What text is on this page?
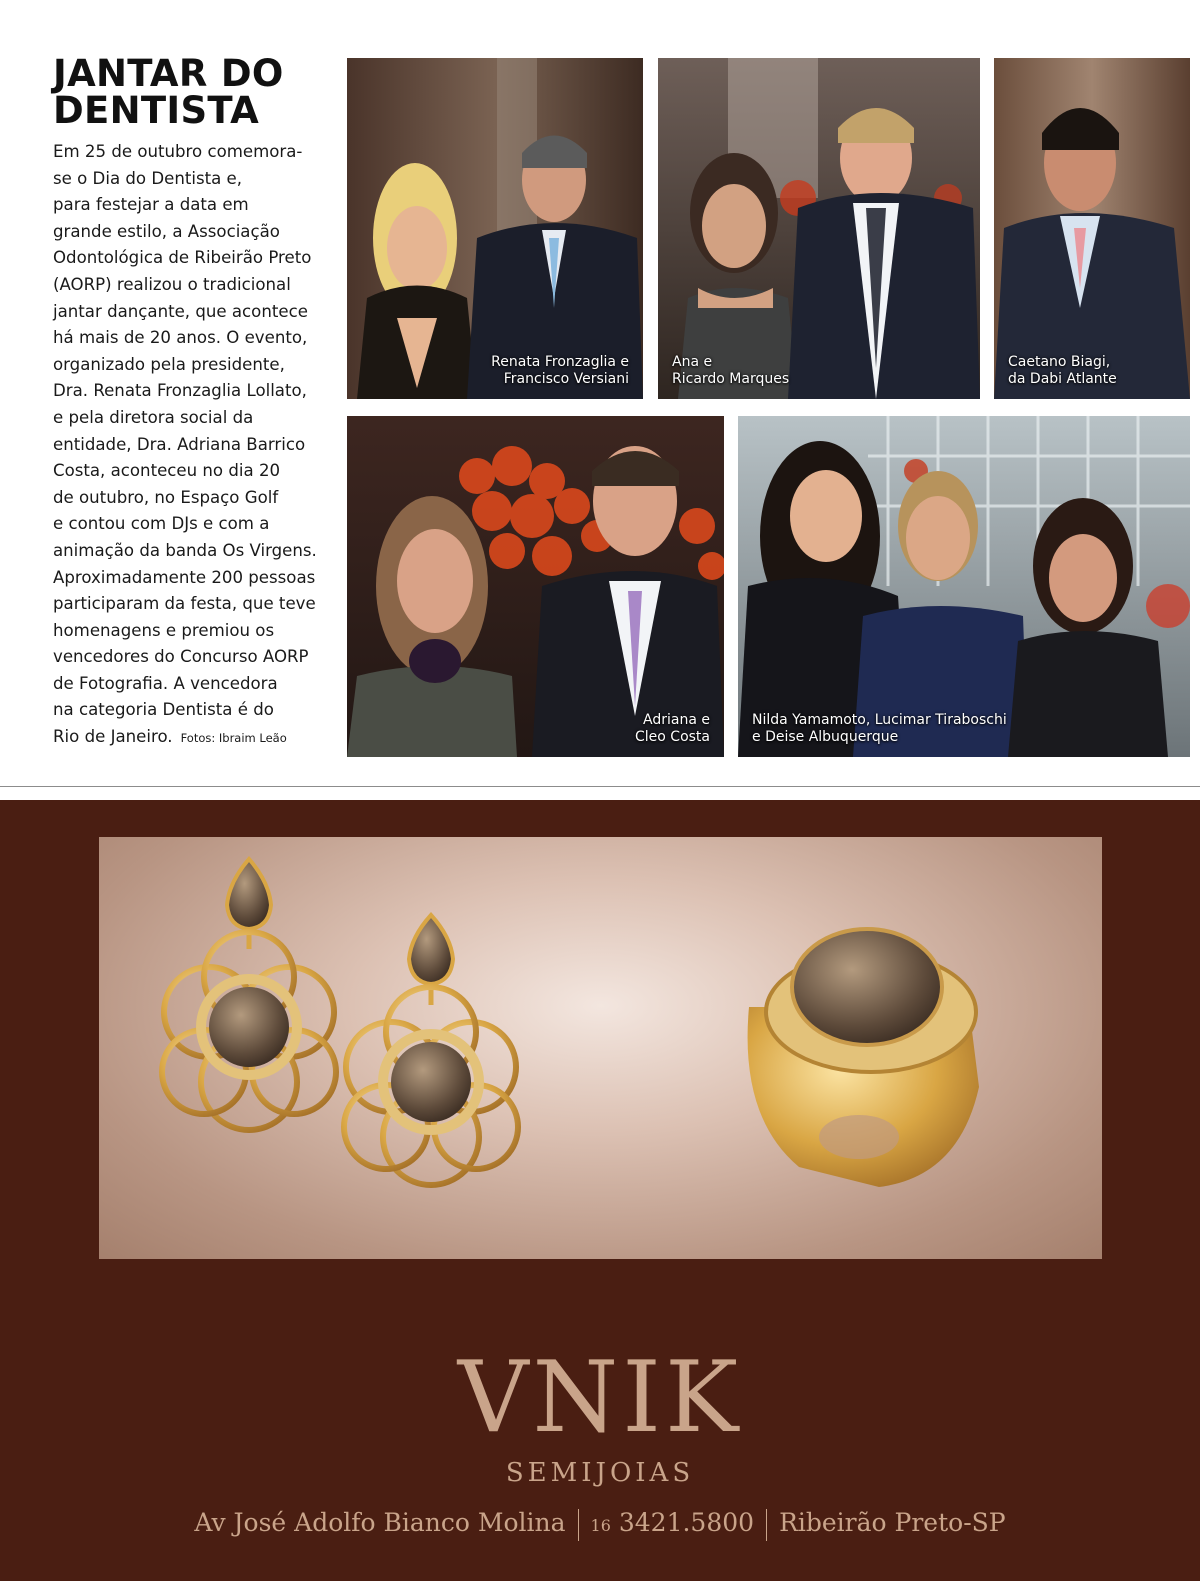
JANTAR DO
DENTISTA
Em 25 de outubro comemora-
se o Dia do Dentista e,
para festejar a data em
grande estilo, a Associação
Odontológica de Ribeirão Preto
(AORP) realizou o tradicional
jantar dançante, que acontece
há mais de 20 anos. O evento,
organizado pela presidente,
Dra. Renata Fronzaglia Lollato,
e pela diretora social da
entidade, Dra. Adriana Barrico
Costa, aconteceu no dia 20
de outubro, no Espaço Golf
e contou com DJs e com a
animação da banda Os Virgens.
Aproximadamente 200 pessoas
participaram da festa, que teve
homenagens e premiou os
vencedores do Concurso AORP
de Fotografia. A vencedora
na categoria Dentista é do
Rio de Janeiro. Fotos: Ibraim Leão
Renata Fronzaglia e
Francisco Versiani
Ana e
Ricardo Marques
Caetano Biagi,
da Dabi Atlante
Adriana e
Cleo Costa
Nilda Yamamoto, Lucimar Tiraboschi
e Deise Albuquerque
VNIK
SEMIJOIAS
Av José Adolfo Bianco Molina 16 3421.5800 Ribeirão Preto-SP
